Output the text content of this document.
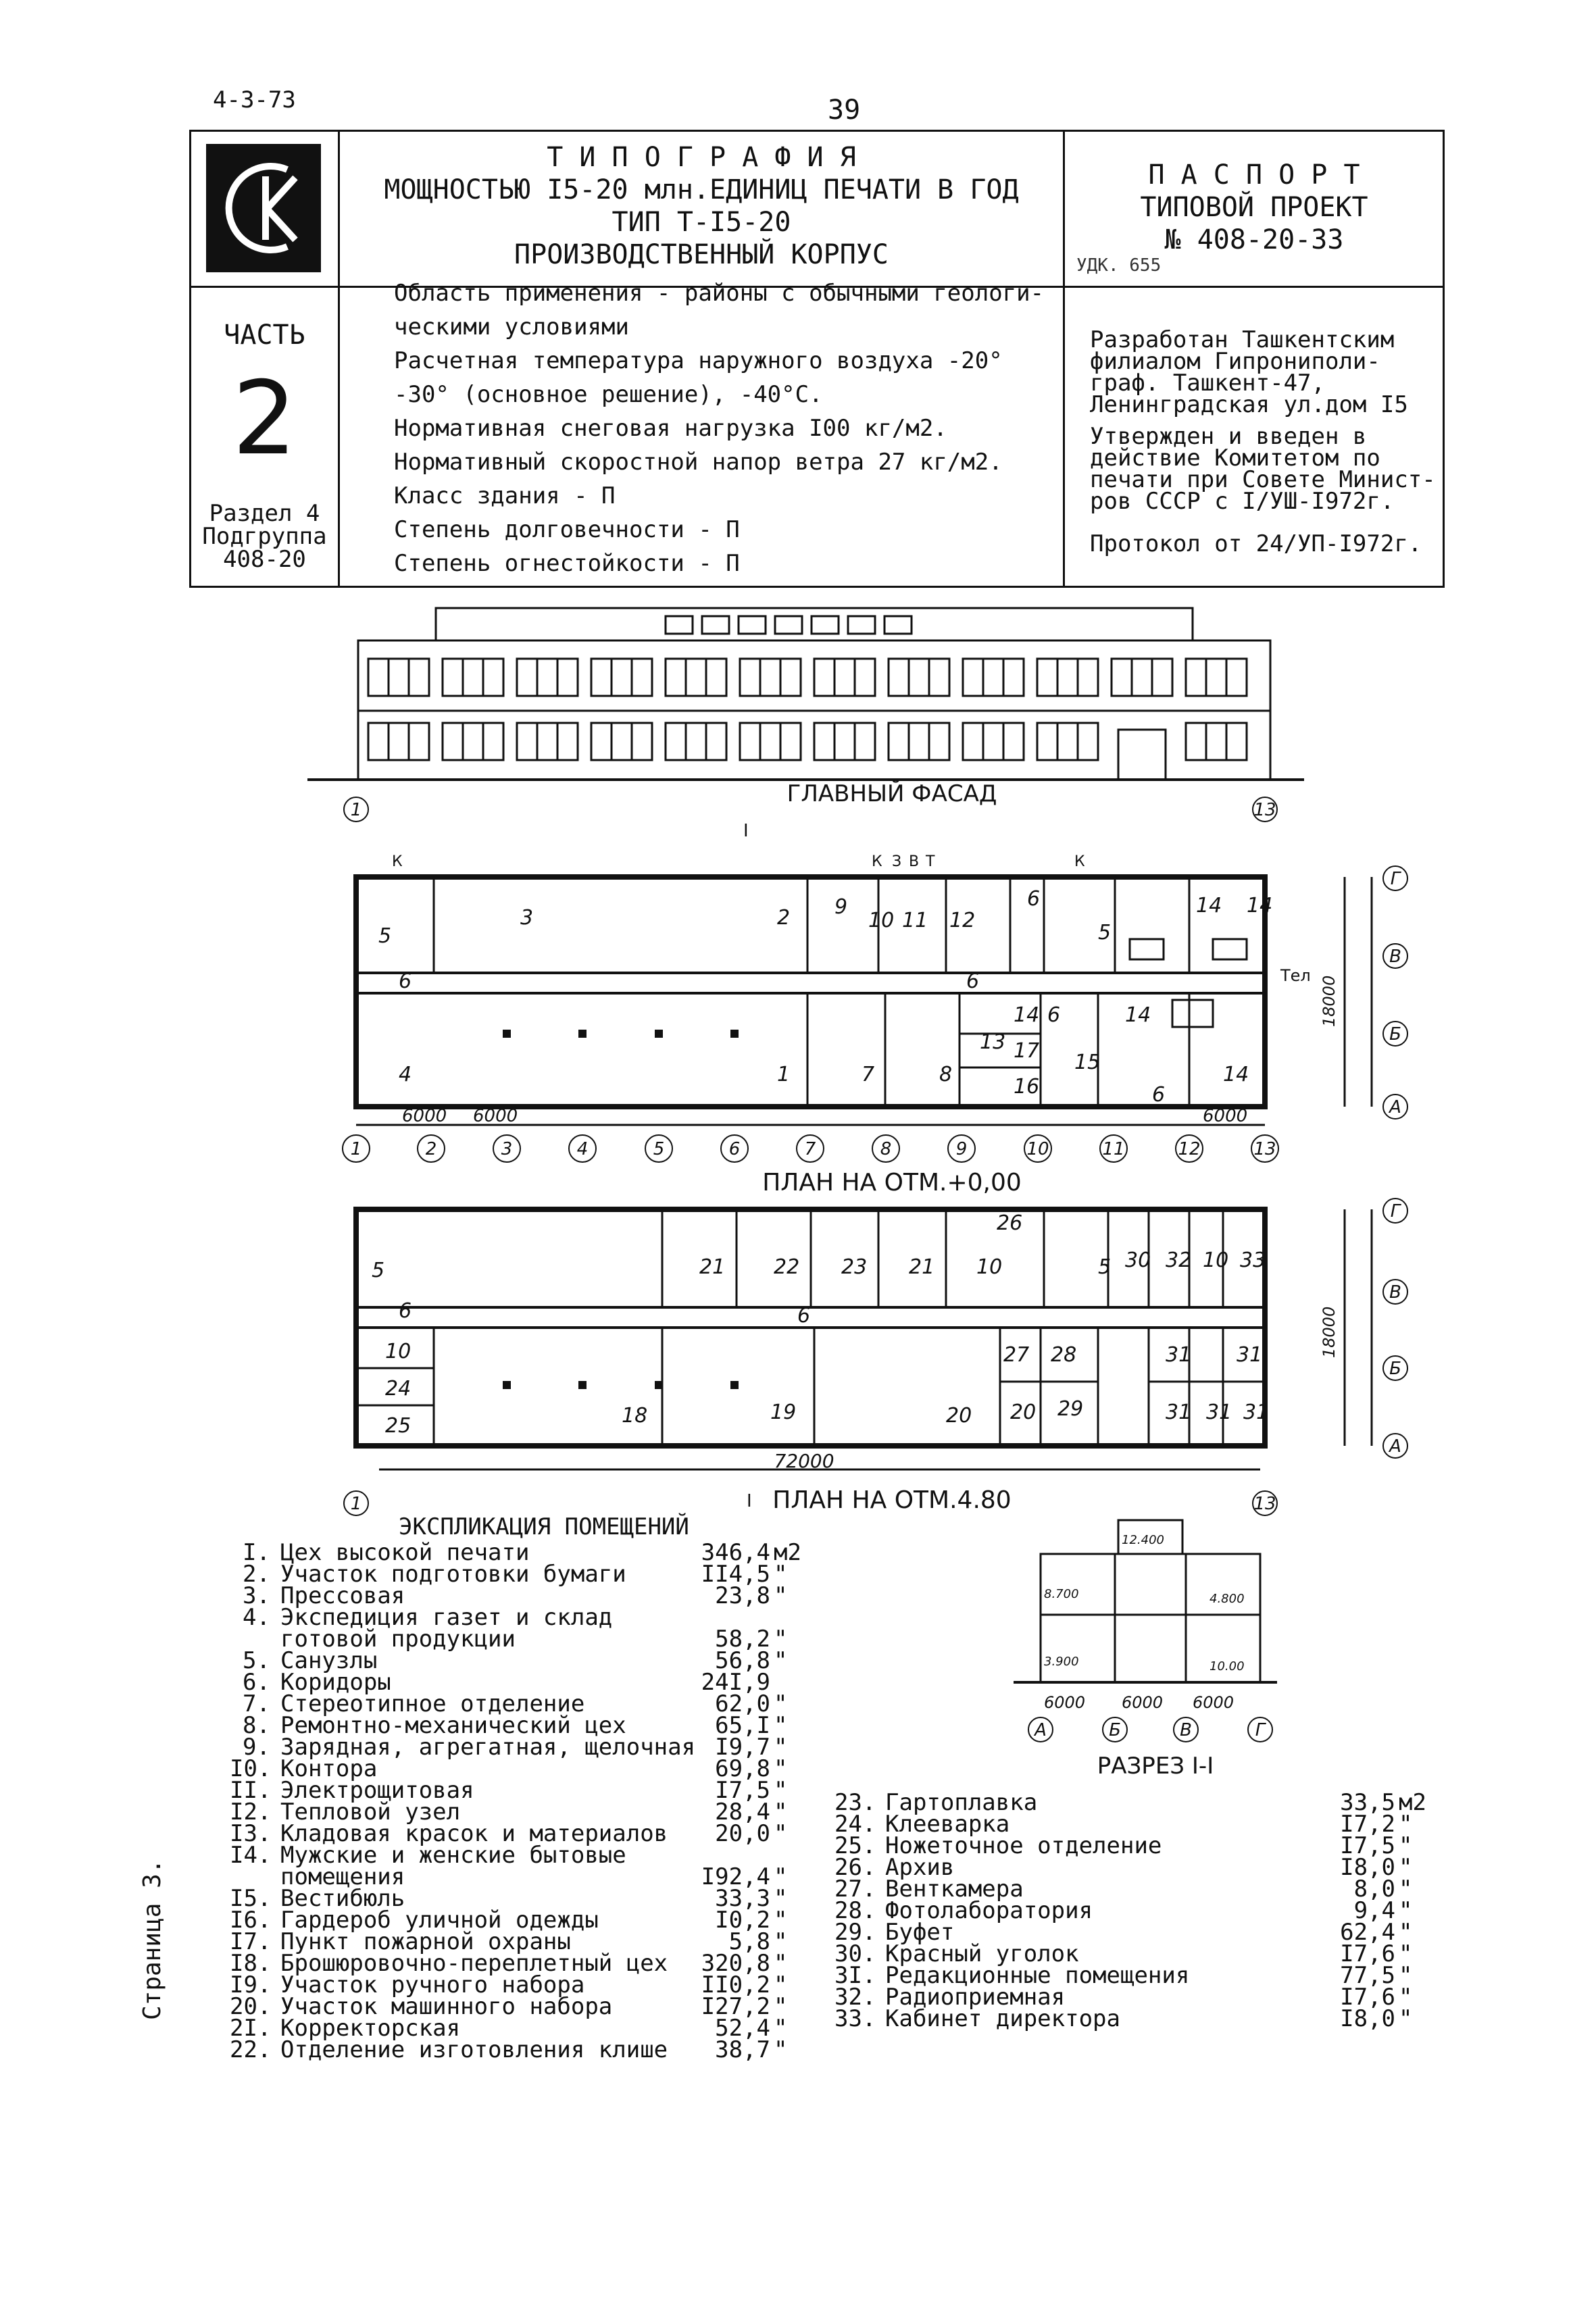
4-3-73	39
Т И П О Г Р А Ф И Я
МОЩНОСТЬЮ I5-20 млн.ЕДИНИЦ ПЕЧАТИ В ГОД
ТИП Т-I5-20
ПРОИЗВОДСТВЕННЫЙ КОРПУС
П А С П О Р Т
ТИПОВОЙ ПРОЕКТ
№ 408-20-33
УДК. 655
ЧАСТЬ
2
Раздел 4
Подгруппа
408-20
Область применения - районы с обычными геологи-
ческими условиями
Расчетная температура наружного воздуха -20°
-30° (основное решение), -40°С.
Нормативная снеговая нагрузка I00 кг/м2.
Нормативный скоростной напор ветра 27 кг/м2.
Класс здания - П
Степень долговечности - П
Степень огнестойкости - П
Разработан Ташкентским
филиалом Гипрониполи-
граф. Ташкент-47,
Ленинградская ул.дом I5
Утвержден и введен в
действие Комитетом по
печати при Совете Минист-
ров СССР с I/УШ-I972г.
Протокол от 24/УП-I972г.
1	2	3	4	5	6	7	8	9	10	11	12	13
1	13
1	13
Г
В
Б
А
Г
В
Б
А
5
3	2 9
10 11 12
6
5
14 14
6	6
4	1	7	8
13
14 6	14
17
16
15
6
14
5
6
10
24
25
21 22 23 21 10
26
5 30 32 10 33
6
27 28	31 31
18	19	20 20 29	31 31 31
ГЛАВНЫЙ ФАСАД
ПЛАН НА ОТМ.+0,00
ПЛАН НА ОТМ.4.80
РАЗРЕЗ I-I
6000 6000	6000
72000
18000
18000
Тел
I
I
К	К З В Т	К
8.700	4.800
12.400
3.900	10.00
6000 6000 6000
А	Б	В	Г
ЭКСПЛИКАЦИЯ ПОМЕЩЕНИЙ
I. Цех высокой печати	346,4 м2
2. Участок подготовки бумаги	II4,5 "
3. Прессовая	23,8 "
4. Экспедиция газет и склад
готовой продукции	58,2 "
5. Санузлы	56,8 "
6. Коридоры	24I,9
7. Стереотипное отделение	62,0 "
8. Ремонтно-механический цех	65,I "
9. Зарядная, агрегатная, щелочная I9,7 "
I0. Контора	69,8 "
II. Электрощитовая	I7,5 "
I2. Тепловой узел	28,4 "
I3. Кладовая красок и материалов 20,0 "
I4. Мужские и женские бытовые
помещения	I92,4 "
I5. Вестибюль	33,3 "
I6. Гардероб уличной одежды	I0,2 "
I7. Пункт пожарной охраны	5,8 "
I8. Брошюровочно-переплетный цех 320,8 "
I9. Участок ручного набора	II0,2 "
20. Участок машинного набора	I27,2 "
2I. Корректорская	52,4 "
22. Отделение изготовления клише 38,7 "
23. Гартоплавка	33,5 м2
24. Клееварка	I7,2 "
25. Ножеточное отделение	I7,5 "
26. Архив	I8,0 "
27. Венткамера	8,0 "
28. Фотолаборатория	9,4 "
29. Буфет	62,4 "
30. Красный уголок	I7,6 "
3I. Редакционные помещения	77,5 "
32. Радиоприемная	I7,6 "
33. Кабинет директора	I8,0 "
Страница 3.
